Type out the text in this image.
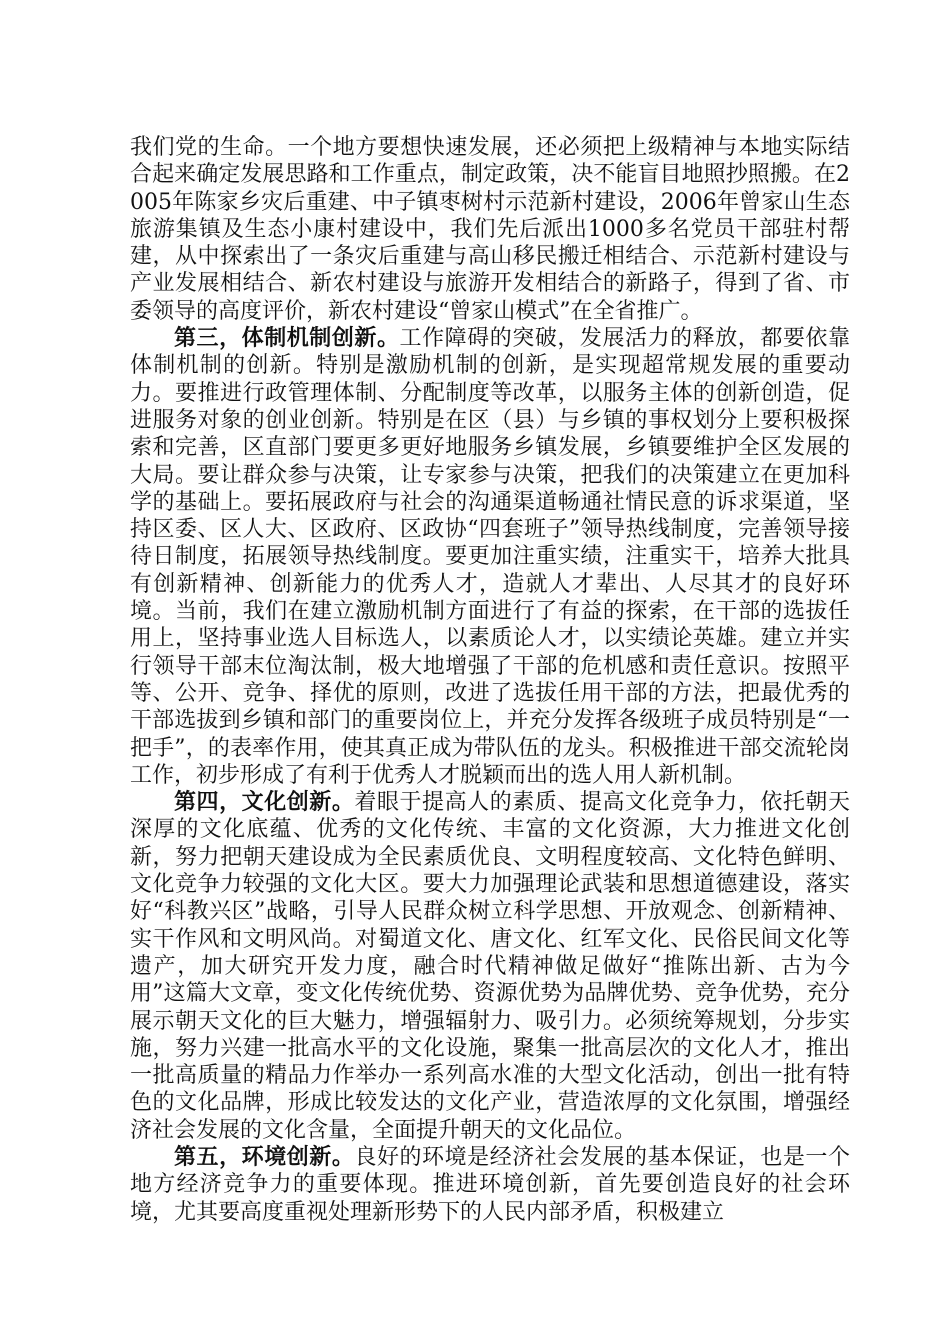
我们党的生命。一个地方要想快速发展，还必须把上级精神与本地实际结合起来确定发展思路和工作重点，制定政策，决不能盲目地照抄照搬。在2005年陈家乡灾后重建、中子镇枣树村示范新村建设，2006年曾家山生态旅游集镇及生态小康村建设中，我们先后派出1000多名党员干部驻村帮建，从中探索出了一条灾后重建与高山移民搬迁相结合、示范新村建设与产业发展相结合、新农村建设与旅游开发相结合的新路子，得到了省、市委领导的高度评价，新农村建设“曾家山模式”在全省推广。

第三，体制机制创新。工作障碍的突破，发展活力的释放，都要依靠体制机制的创新。特别是激励机制的创新，是实现超常规发展的重要动力。要推进行政管理体制、分配制度等改革，以服务主体的创新创造，促进服务对象的创业创新。特别是在区（县）与乡镇的事权划分上要积极探索和完善，区直部门要更多更好地服务乡镇发展，乡镇要维护全区发展的大局。要让群众参与决策，让专家参与决策，把我们的决策建立在更加科学的基础上。要拓展政府与社会的沟通渠道畅通社情民意的诉求渠道，坚持区委、区人大、区政府、区政协“四套班子”领导热线制度，完善领导接待日制度，拓展领导热线制度。要更加注重实绩，注重实干，培养大批具有创新精神、创新能力的优秀人才，造就人才辈出、人尽其才的良好环境。当前，我们在建立激励机制方面进行了有益的探索，在干部的选拔任用上，坚持事业选人目标选人，以素质论人才，以实绩论英雄。建立并实行领导干部末位淘汰制，极大地增强了干部的危机感和责任意识。按照平等、公开、竞争、择优的原则，改进了选拔任用干部的方法，把最优秀的干部选拔到乡镇和部门的重要岗位上，并充分发挥各级班子成员特别是“一把手”，的表率作用，使其真正成为带队伍的龙头。积极推进干部交流轮岗工作，初步形成了有利于优秀人才脱颖而出的选人用人新机制。

第四，文化创新。着眼于提高人的素质、提高文化竞争力，依托朝天深厚的文化底蕴、优秀的文化传统、丰富的文化资源，大力推进文化创新，努力把朝天建设成为全民素质优良、文明程度较高、文化特色鲜明、文化竞争力较强的文化大区。要大力加强理论武装和思想道德建设，落实好“科教兴区”战略，引导人民群众树立科学思想、开放观念、创新精神、实干作风和文明风尚。对蜀道文化、唐文化、红军文化、民俗民间文化等遗产，加大研究开发力度，融合时代精神做足做好“推陈出新、古为今用”这篇大文章，变文化传统优势、资源优势为品牌优势、竞争优势，充分展示朝天文化的巨大魅力，增强辐射力、吸引力。必须统筹规划，分步实施，努力兴建一批高水平的文化设施，聚集一批高层次的文化人才，推出一批高质量的精品力作举办一系列高水准的大型文化活动，创出一批有特色的文化品牌，形成比较发达的文化产业，营造浓厚的文化氛围，增强经济社会发展的文化含量，全面提升朝天的文化品位。

第五，环境创新。良好的环境是经济社会发展的基本保证，也是一个地方经济竞争力的重要体现。推进环境创新，首先要创造良好的社会环境，尤其要高度重视处理新形势下的人民内部矛盾，积极建立
